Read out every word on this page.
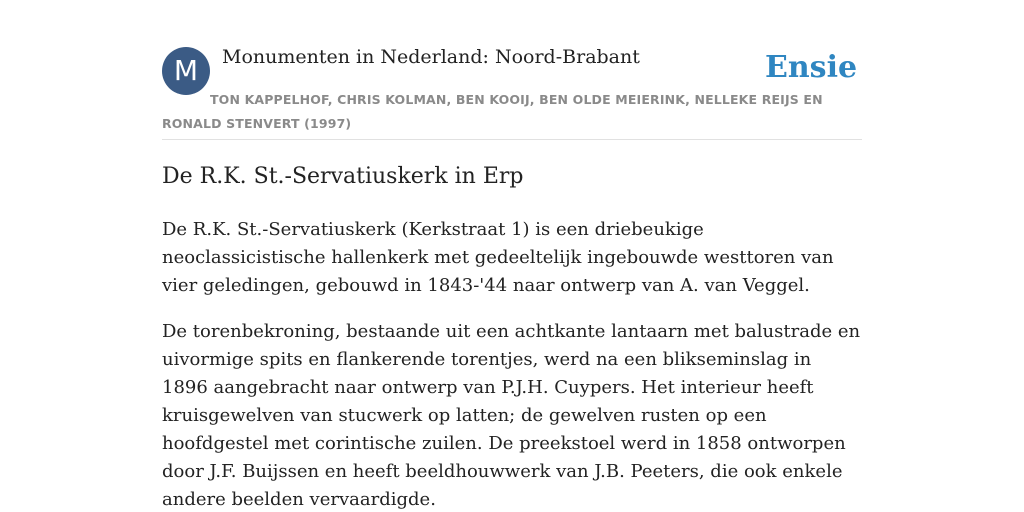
M	Monumenten in Nederland: Noord-Brabant	Ensie
TON KAPPELHOF, CHRIS KOLMAN, BEN KOOIJ, BEN OLDE MEIERINK, NELLEKE REIJS EN RONALD STENVERT (1997)
De R.K. St.-Servatiuskerk in Erp

De R.K. St.-Servatiuskerk (Kerkstraat 1) is een driebeukige neoclassicistische hallenkerk met gedeeltelijk ingebouwde westtoren van vier geledingen, gebouwd in 1843-'44 naar ontwerp van A. van Veggel.

De torenbekroning, bestaande uit een achtkante lantaarn met balustrade en uivormige spits en flankerende torentjes, werd na een blikseminslag in 1896 aangebracht naar ontwerp van P.J.H. Cuypers. Het interieur heeft kruisgewelven van stucwerk op latten; de gewelven rusten op een hoofdgestel met corintische zuilen. De preekstoel werd in 1858 ontworpen door J.F. Buijssen en heeft beeldhouwwerk van J.B. Peeters, die ook enkele andere beelden vervaardigde.
